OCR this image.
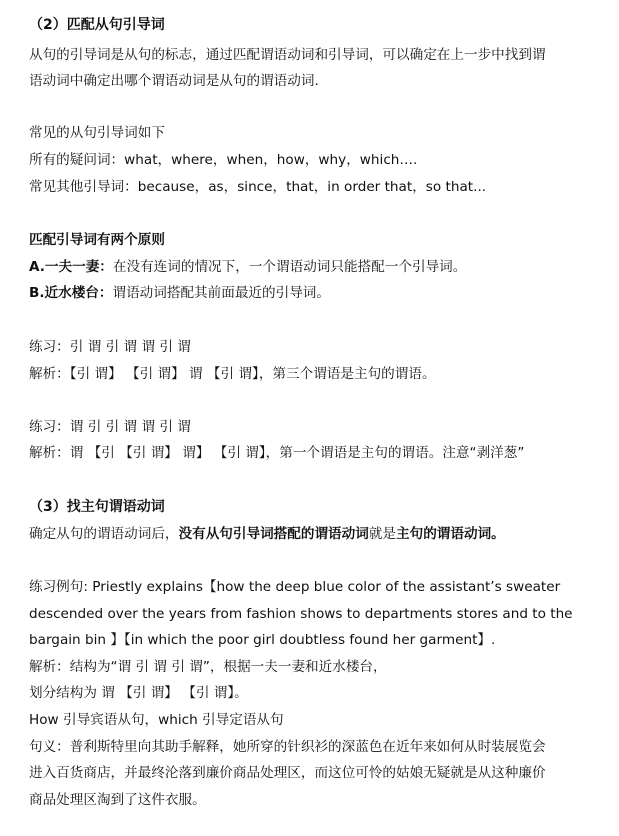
（2）匹配从句引导词
从句的引导词是从句的标志，通过匹配谓语动词和引导词，可以确定在上一步中找到谓
语动词中确定出哪个谓语动词是从句的谓语动词.
常见的从句引导词如下
所有的疑问词：what，where，when，how，why，which….
常见其他引导词：because，as，since，that，in order that，so that...
匹配引导词有两个原则
A.一夫一妻：在没有连词的情况下，一个谓语动词只能搭配一个引导词。
B.近水楼台：谓语动词搭配其前面最近的引导词。
练习：引 谓 引 谓 谓 引 谓
解析：【引 谓】 【引 谓】 谓 【引 谓】，第三个谓语是主句的谓语。
练习：谓 引 引 谓 谓 引 谓
解析：谓 【引 【引 谓】 谓】 【引 谓】，第一个谓语是主句的谓语。注意“剥洋葱”
（3）找主句谓语动词
确定从句的谓语动词后，没有从句引导词搭配的谓语动词就是主句的谓语动词。
练习例句: Priestly explains【how the deep blue color of the assistant’s sweater
descended over the years from fashion shows to departments stores and to the
bargain bin 】【in which the poor girl doubtless found her garment】.
解析：结构为“谓 引 谓 引 谓”，根据一夫一妻和近水楼台，
划分结构为 谓 【引 谓】 【引 谓】。
How 引导宾语从句，which 引导定语从句
句义：普利斯特里向其助手解释，她所穿的针织衫的深蓝色在近年来如何从时装展览会
进入百货商店，并最终沦落到廉价商品处理区，而这位可怜的姑娘无疑就是从这种廉价
商品处理区淘到了这件衣服。
